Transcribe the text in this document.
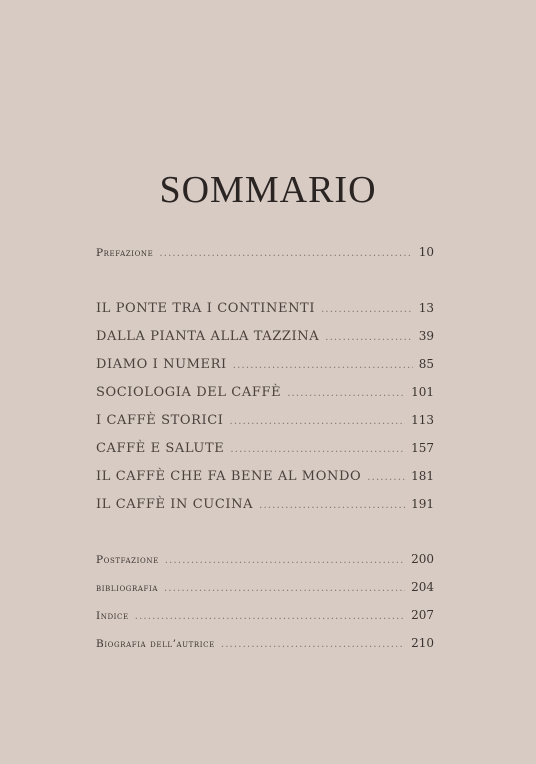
SOMMARIO
Prefazione . . .	10
IL PONTE TRA I CONTINENTI . . .	13
DALLA PIANTA ALLA TAZZINA . . .	39
DIAMO I NUMERI . . .	85
SOCIOLOGIA DEL CAFFÈ . . .	101
I CAFFÈ STORICI . . .	113
CAFFÈ E SALUTE . . .	157
IL CAFFÈ CHE FA BENE AL MONDO . . .	181
IL CAFFÈ IN CUCINA . . .	191
Postfazione . . .	200
bibliografia . . .	204
Indice . . .	207
Biografia dell’autrice . . .	210
